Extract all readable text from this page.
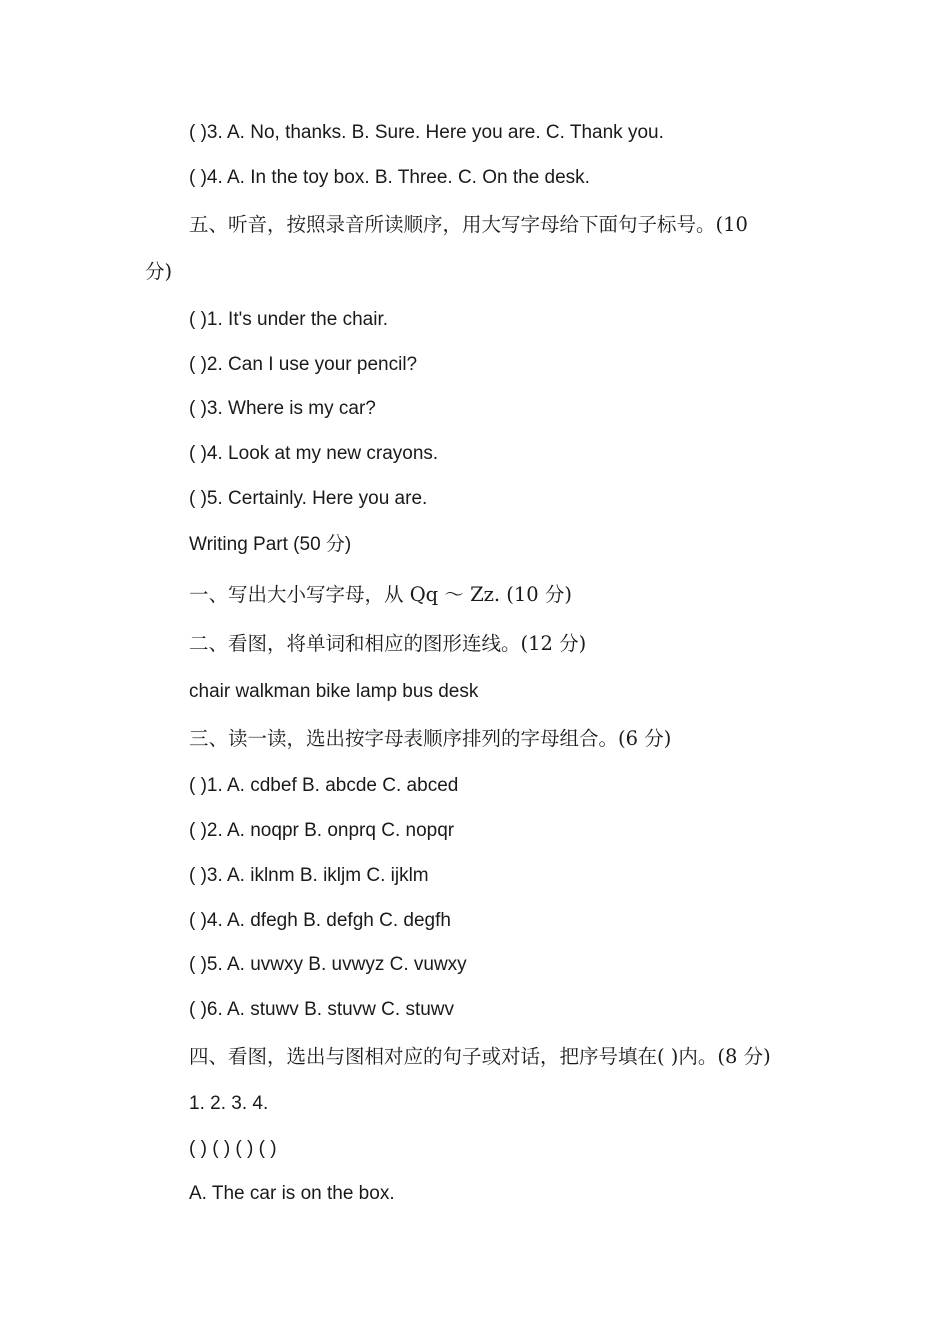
( )3. A. No, thanks. B. Sure. Here you are. C. Thank you.
( )4. A. In the toy box. B. Three. C. On the desk.
五、听音，按照录音所读顺序，用大写字母给下面句子标号。(10
分)
( )1. It's under the chair.
( )2. Can I use your pencil?
( )3. Where is my car?
( )4. Look at my new crayons.
( )5. Certainly. Here you are.
Writing Part (50 分)
一、写出大小写字母，从 Qq ～ Zz. (10 分)
二、看图，将单词和相应的图形连线。(12 分)
chair walkman bike lamp bus desk
三、读一读，选出按字母表顺序排列的字母组合。(6 分)
( )1. A. cdbef B. abcde C. abced
( )2. A. noqpr B. onprq C. nopqr
( )3. A. iklnm B. ikljm C. ijklm
( )4. A. dfegh B. defgh C. degfh
( )5. A. uvwxy B. uvwyz C. vuwxy
( )6. A. stuwv B. stuvw C. stuwv
四、看图，选出与图相对应的句子或对话，把序号填在( )内。(8 分)
1. 2. 3. 4.
( ) ( ) ( ) ( )
A. The car is on the box.
